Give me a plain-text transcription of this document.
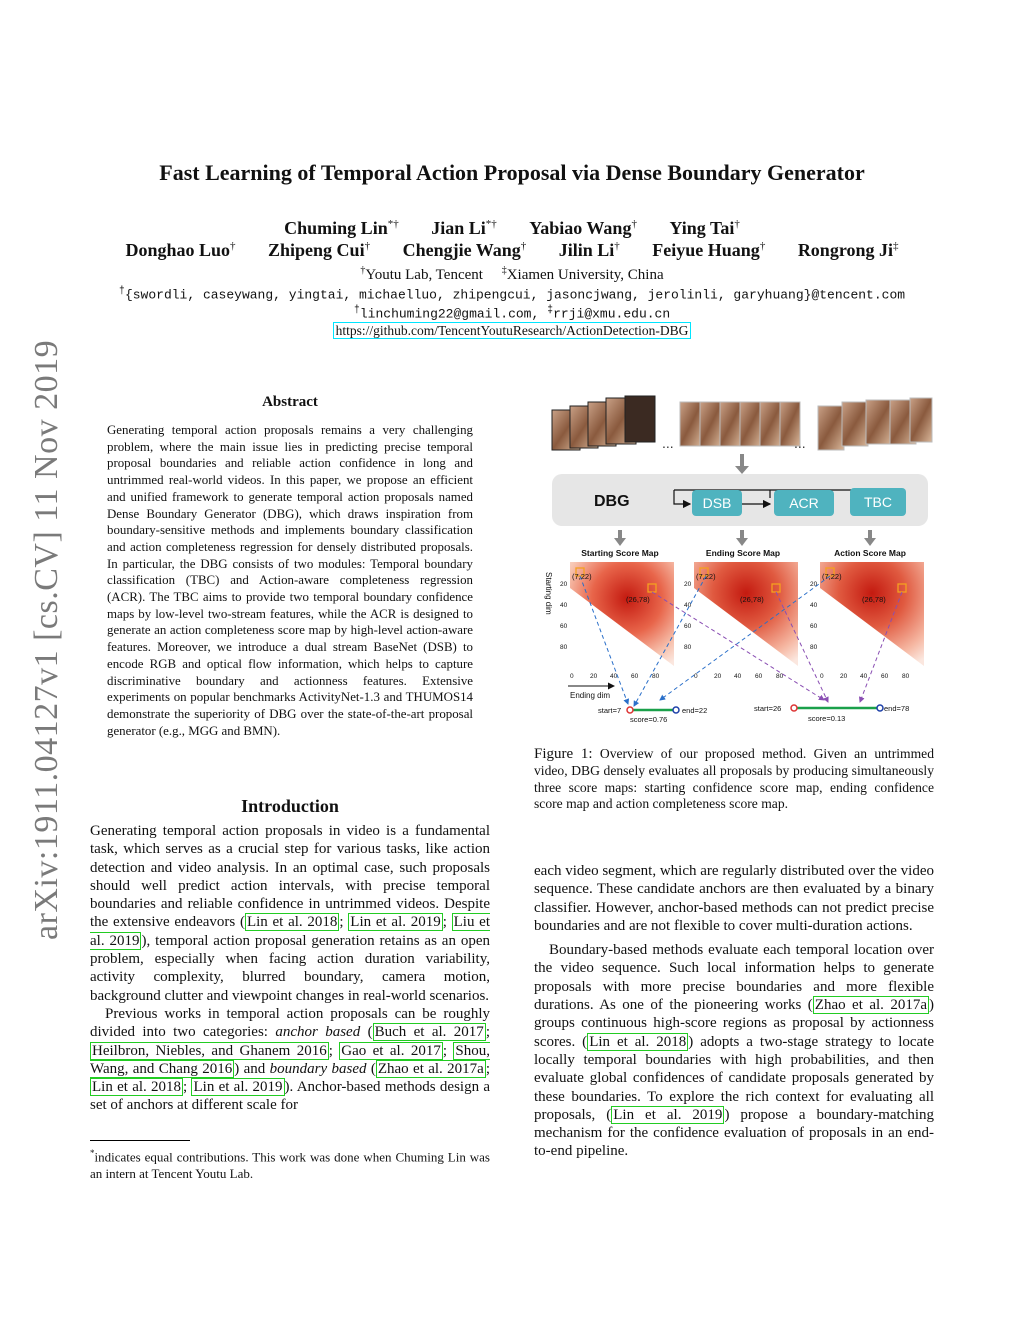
arXiv:1911.04127v1 [cs.CV] 11 Nov 2019
Fast Learning of Temporal Action Proposal via Dense Boundary Generator
Chuming Lin*† Jian Li*† Yabiao Wang† Ying Tai†
Donghao Luo† Zhipeng Cui† Chengjie Wang† Jilin Li† Feiyue Huang† Rongrong Ji‡
†Youtu Lab, Tencent ‡Xiamen University, China
†{swordli, caseywang, yingtai, michaelluo, zhipengcui, jasoncjwang, jerolinli, garyhuang}@tencent.com
†linchuming22@gmail.com, ‡rrji@xmu.edu.cn
https://github.com/TencentYoutuResearch/ActionDetection-DBG
Abstract
Generating temporal action proposals remains a very challenging problem, where the main issue lies in predicting precise temporal proposal boundaries and reliable action confidence in long and untrimmed real-world videos. In this paper, we propose an efficient and unified framework to generate temporal action proposals named Dense Boundary Generator (DBG), which draws inspiration from boundary-sensitive methods and implements boundary classification and action completeness regression for densely distributed proposals. In particular, the DBG consists of two modules: Temporal boundary classification (TBC) and Action-aware completeness regression (ACR). The TBC aims to provide two temporal boundary confidence maps by low-level two-stream features, while the ACR is designed to generate an action completeness score map by high-level action-aware features. Moreover, we introduce a dual stream BaseNet (DSB) to encode RGB and optical flow information, which helps to capture discriminative boundary and actionness features. Extensive experiments on popular benchmarks ActivityNet-1.3 and THUMOS14 demonstrate the superiority of DBG over the state-of-the-art proposal generator (e.g., MGG and BMN).
Introduction

Generating temporal action proposals in video is a fundamental task, which serves as a crucial step for various tasks, like action detection and video analysis. In an optimal case, such proposals should well predict action intervals, with precise temporal boundaries and reliable confidence in untrimmed videos. Despite the extensive endeavors ( Lin et al. 2018 ; Lin et al. 2019 ; Liu et al. 2019 ), temporal action proposal generation retains as an open problem, especially when facing action duration variability, activity complexity, blurred boundary, camera motion, background clutter and viewpoint changes in real-world scenarios.

Previous works in temporal action proposals can be roughly divided into two categories: anchor based ( Buch et al. 2017 ; Heilbron, Niebles, and Ghanem 2016 ; Gao et al. 2017 ; Shou, Wang, and Chang 2016 ) and boundary based ( Zhao et al. 2017a ; Lin et al. 2018 ; Lin et al. 2019 ). Anchor-based methods design a set of anchors at different scale for

*indicates equal contributions. This work was done when Chuming Lin was an intern at Tencent Youtu Lab.

each video segment, which are regularly distributed over the video sequence. These candidate anchors are then evaluated by a binary classifier. However, anchor-based methods can not predict precise boundaries and are not flexible to cover multi-duration actions.

Boundary-based methods evaluate each temporal location over the video sequence. Such local information helps to generate proposals with more precise boundaries and more flexible durations. As one of the pioneering works ( Zhao et al. 2017a ) groups continuous high-score regions as proposal by actionness scores. ( Lin et al. 2018 ) adopts a two-stage strategy to locate locally temporal boundaries with high probabilities, and then evaluate global confidences of candidate proposals generated by these boundaries. To explore the rich context for evaluating all proposals, ( Lin et al. 2019 ) propose a boundary-matching mechanism for the confidence evaluation of proposals in an end-to-end pipeline.

...	...
DBG	DSB	ACR	TBC
Starting Score Map	Ending Score Map	Action Score Map
(7,22)
(26,78)
(7,22)
(26,78)
(7,22)
(26,78)
Starting dim 20
40
60
80
20
40
60
80
20
40
60
80
0	20 40 60 80	0	20 40 60 80	0	20 40 60 80
Ending dim
start=7	end=22
score=0.76
start=26	end=78
score=0.13
Figure 1: Overview of our proposed method. Given an untrimmed video, DBG densely evaluates all proposals by producing simultaneously three score maps: starting confidence score map, ending confidence score map and action completeness score map.
